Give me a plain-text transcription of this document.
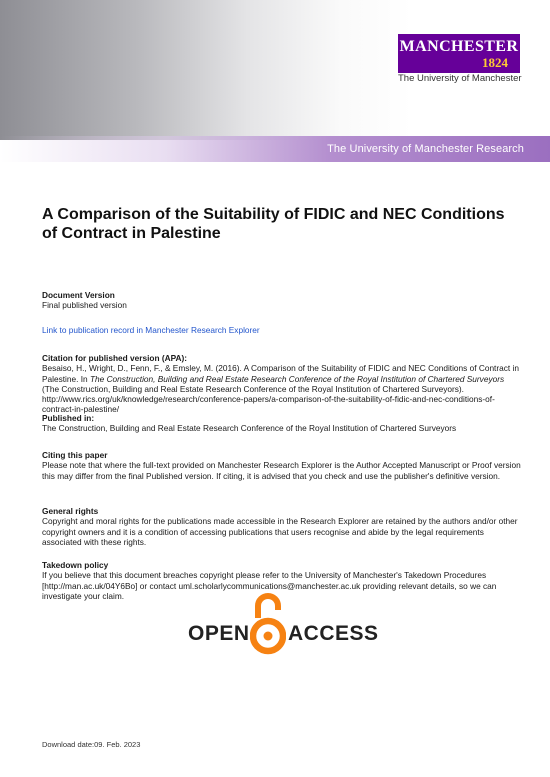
The University of Manchester Research
MANCHESTER
1824
The University of Manchester
A Comparison of the Suitability of FIDIC and NEC Conditions of Contract in Palestine
Document Version
Final published version
Link to publication record in Manchester Research Explorer
Citation for published version (APA):
Besaiso, H., Wright, D., Fenn, F., & Emsley, M. (2016). A Comparison of the Suitability of FIDIC and NEC Conditions of Contract in Palestine. In The Construction, Building and Real Estate Research Conference of the Royal Institution of Chartered Surveyors (The Construction, Building and Real Estate Research Conference of the Royal Institution of Chartered Surveyors). http://www.rics.org/uk/knowledge/research/conference-papers/a-comparison-of-the-suitability-of-fidic-and-nec-conditions-of-contract-in-palestine/
Published in:
The Construction, Building and Real Estate Research Conference of the Royal Institution of Chartered Surveyors
Citing this paper
Please note that where the full-text provided on Manchester Research Explorer is the Author Accepted Manuscript or Proof version this may differ from the final Published version. If citing, it is advised that you check and use the publisher's definitive version.
General rights
Copyright and moral rights for the publications made accessible in the Research Explorer are retained by the authors and/or other copyright owners and it is a condition of accessing publications that users recognise and abide by the legal requirements associated with these rights.
Takedown policy
If you believe that this document breaches copyright please refer to the University of Manchester's Takedown Procedures [http://man.ac.uk/04Y6Bo] or contact uml.scholarlycommunications@manchester.ac.uk providing relevant details, so we can investigate your claim.
OPEN ACCESS
Download date:09. Feb. 2023
